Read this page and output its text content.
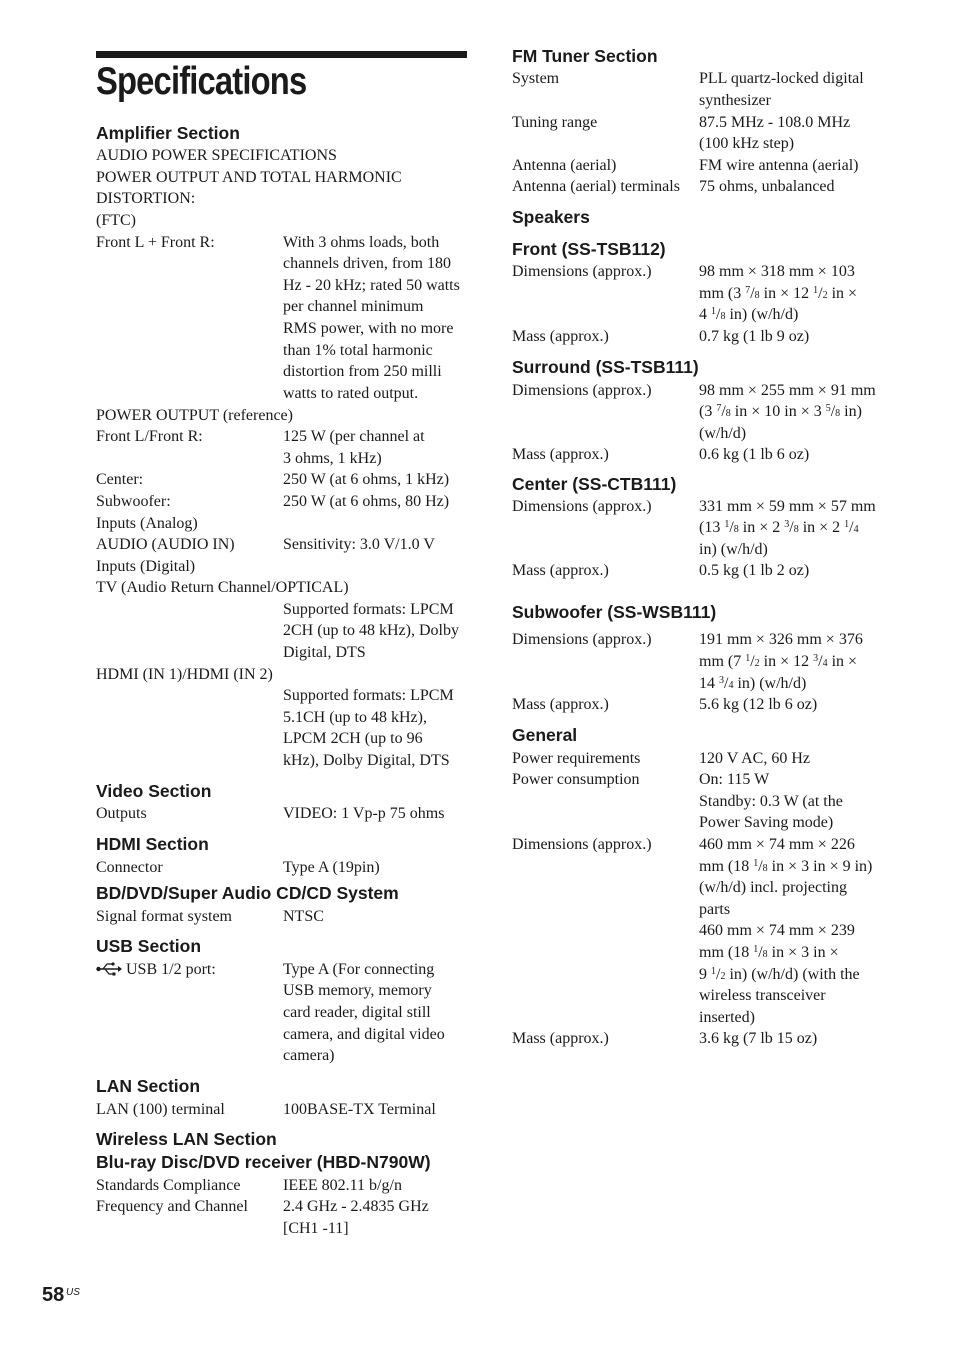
Specifications
Amplifier Section
AUDIO POWER SPECIFICATIONS
POWER OUTPUT AND TOTAL HARMONIC
DISTORTION:
(FTC)
Front L + Front R:	With 3 ohms loads, both
channels driven, from 180
Hz - 20 kHz; rated 50 watts
per channel minimum
RMS power, with no more
than 1% total harmonic
distortion from 250 milli
watts to rated output.
POWER OUTPUT (reference)
Front L/Front R:	125 W (per channel at
3 ohms, 1 kHz)
Center:	250 W (at 6 ohms, 1 kHz)
Subwoofer:	250 W (at 6 ohms, 80 Hz)
Inputs (Analog)
AUDIO (AUDIO IN)	Sensitivity: 3.0 V/1.0 V
Inputs (Digital)
TV (Audio Return Channel/OPTICAL)
Supported formats: LPCM
2CH (up to 48 kHz), Dolby
Digital, DTS
HDMI (IN 1)/HDMI (IN 2)
Supported formats: LPCM
5.1CH (up to 48 kHz),
LPCM 2CH (up to 96
kHz), Dolby Digital, DTS
Video Section
Outputs	VIDEO: 1 Vp-p 75 ohms
HDMI Section
Connector	Type A (19pin)
BD/DVD/Super Audio CD/CD System
Signal format system	NTSC
USB Section
USB 1/2 port:	Type A (For connecting
USB memory, memory
card reader, digital still
camera, and digital video
camera)
LAN Section
LAN (100) terminal	100BASE-TX Terminal
Wireless LAN Section
Blu-ray Disc/DVD receiver (HBD-N790W)
Standards Compliance	IEEE 802.11 b/g/n
Frequency and Channel 2.4 GHz - 2.4835 GHz
[CH1 -11]
FM Tuner Section
System	PLL quartz-locked digital
synthesizer
Tuning range	87.5 MHz - 108.0 MHz
(100 kHz step)
Antenna (aerial)	FM wire antenna (aerial)
Antenna (aerial) terminals 75 ohms, unbalanced
Speakers
Front (SS-TSB112)
Dimensions (approx.)	98 mm × 318 mm × 103
mm (3 $^7$/8 in × 12 $^1$/2 in ×
4 $^1$/8 in) (w/h/d)
Mass (approx.)	0.7 kg (1 lb 9 oz)
Surround (SS-TSB111)
Dimensions (approx.)	98 mm × 255 mm × 91 mm
(3 $^7$/8 in × 10 in × 3 $^5$/8 in)
(w/h/d)
Mass (approx.)	0.6 kg (1 lb 6 oz)
Center (SS-CTB111)
Dimensions (approx.)	331 mm × 59 mm × 57 mm
(13 $^1$/8 in × 2 $^3$/8 in × 2 $^1$/4
in) (w/h/d)
Mass (approx.)	0.5 kg (1 lb 2 oz)
Subwoofer (SS-WSB111)
Dimensions (approx.)	191 mm × 326 mm × 376
mm (7 $^1$/2 in × 12 $^3$/4 in ×
14 $^3$/4 in) (w/h/d)
Mass (approx.)	5.6 kg (12 lb 6 oz)
General
Power requirements	120 V AC, 60 Hz
Power consumption	On: 115 W
Standby: 0.3 W (at the
Power Saving mode)
Dimensions (approx.)	460 mm × 74 mm × 226
mm (18 $^1$/8 in × 3 in × 9 in)
(w/h/d) incl. projecting
parts
460 mm × 74 mm × 239
mm (18 $^1$/8 in × 3 in ×
9 $^1$/2 in) (w/h/d) (with the
wireless transceiver
inserted)
Mass (approx.)	3.6 kg (7 lb 15 oz)
58 US
